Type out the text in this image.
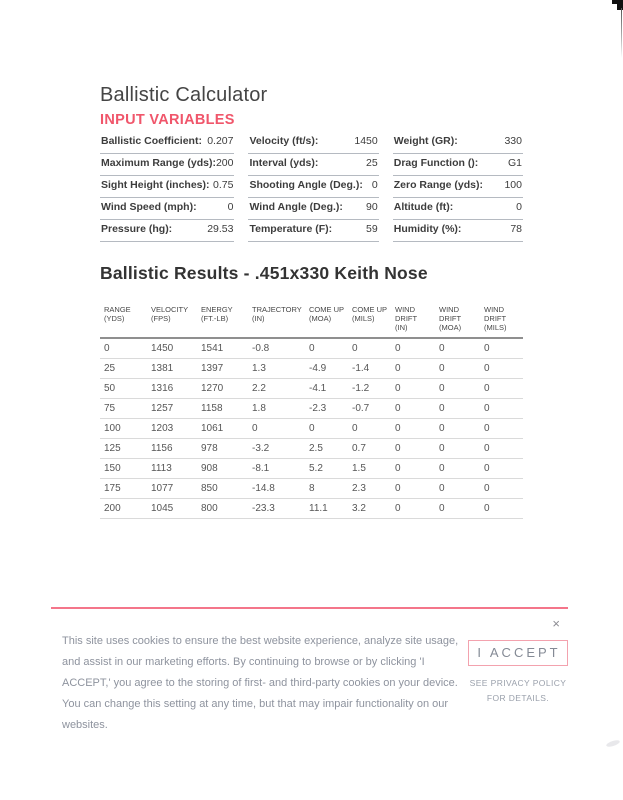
Ballistic Calculator
INPUT VARIABLES
Ballistic Coefficient: 0.207 Velocity (ft/s):	1450 Weight (GR):	330
Maximum Range (yds): 200 Interval (yds):	25 Drag Function ():	G1
Sight Height (inches): 0.75 Shooting Angle (Deg.): 0 Zero Range (yds): 100
Wind Speed (mph):	0 Wind Angle (Deg.): 90 Altitude (ft):	0
Pressure (hg):	29.53 Temperature (F):	59 Humidity (%):	78
Ballistic Results - .451x330 Keith Nose
RANGE (YDS)	VELOCITY (FPS)	ENERGY (FT.-LB)	TRAJECTORY (IN)	COME UP (MOA)	COME UP (MILS)	WIND DRIFT (IN)	WIND DRIFT (MOA)	WIND DRIFT (MILS)
0	1450	1541	-0.8	0	0	0	0	0
25	1381	1397	1.3	-4.9	-1.4	0	0	0
50	1316	1270	2.2	-4.1	-1.2	0	0	0
75	1257	1158	1.8	-2.3	-0.7	0	0	0
100	1203	1061	0	0	0	0	0	0
125	1156	978	-3.2	2.5	0.7	0	0	0
150	1113	908	-8.1	5.2	1.5	0	0	0
175	1077	850	-14.8	8	2.3	0	0	0
200	1045	800	-23.3	11.1	3.2	0	0	0
×

This site uses cookies to ensure the best website experience, analyze site usage, and assist in our marketing efforts. By continuing to browse or by clicking 'I ACCEPT,' you agree to the storing of first- and third-party cookies on your device. You can change this setting at any time, but that may impair functionality on our websites.

I ACCEPT
SEE PRIVACY POLICY FOR DETAILS.
